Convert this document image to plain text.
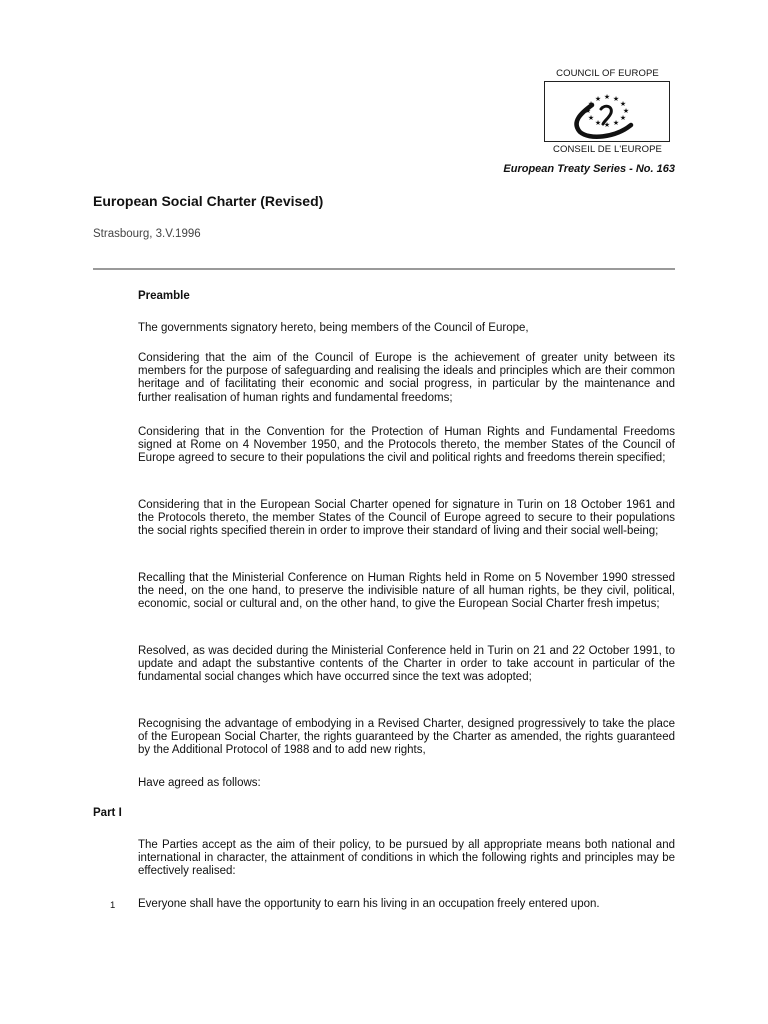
COUNCIL OF EUROPE
★ ★
★
★
★
★
★
★
★
★
★
★
CONSEIL DE L'EUROPE
European Treaty Series - No. 163
European Social Charter (Revised)
Strasbourg, 3.V.1996
Preamble

The governments signatory hereto, being members of the Council of Europe,

Considering that the aim of the Council of Europe is the achievement of greater unity between its members for the purpose of safeguarding and realising the ideals and principles which are their common heritage and of facilitating their economic and social progress, in particular by the maintenance and further realisation of human rights and fundamental freedoms;

Considering that in the Convention for the Protection of Human Rights and Fundamental Freedoms signed at Rome on 4 November 1950, and the Protocols thereto, the member States of the Council of Europe agreed to secure to their populations the civil and political rights and freedoms therein specified;

Considering that in the European Social Charter opened for signature in Turin on 18 October 1961 and the Protocols thereto, the member States of the Council of Europe agreed to secure to their populations the social rights specified therein in order to improve their standard of living and their social well-being;

Recalling that the Ministerial Conference on Human Rights held in Rome on 5 November 1990 stressed the need, on the one hand, to preserve the indivisible nature of all human rights, be they civil, political, economic, social or cultural and, on the other hand, to give the European Social Charter fresh impetus;

Resolved, as was decided during the Ministerial Conference held in Turin on 21 and 22 October 1991, to update and adapt the substantive contents of the Charter in order to take account in particular of the fundamental social changes which have occurred since the text was adopted;

Recognising the advantage of embodying in a Revised Charter, designed progressively to take the place of the European Social Charter, the rights guaranteed by the Charter as amended, the rights guaranteed by the Additional Protocol of 1988 and to add new rights,

Have agreed as follows:

Part I

The Parties accept as the aim of their policy, to be pursued by all appropriate means both national and international in character, the attainment of conditions in which the following rights and principles may be effectively realised:

1 Everyone shall have the opportunity to earn his living in an occupation freely entered upon.
